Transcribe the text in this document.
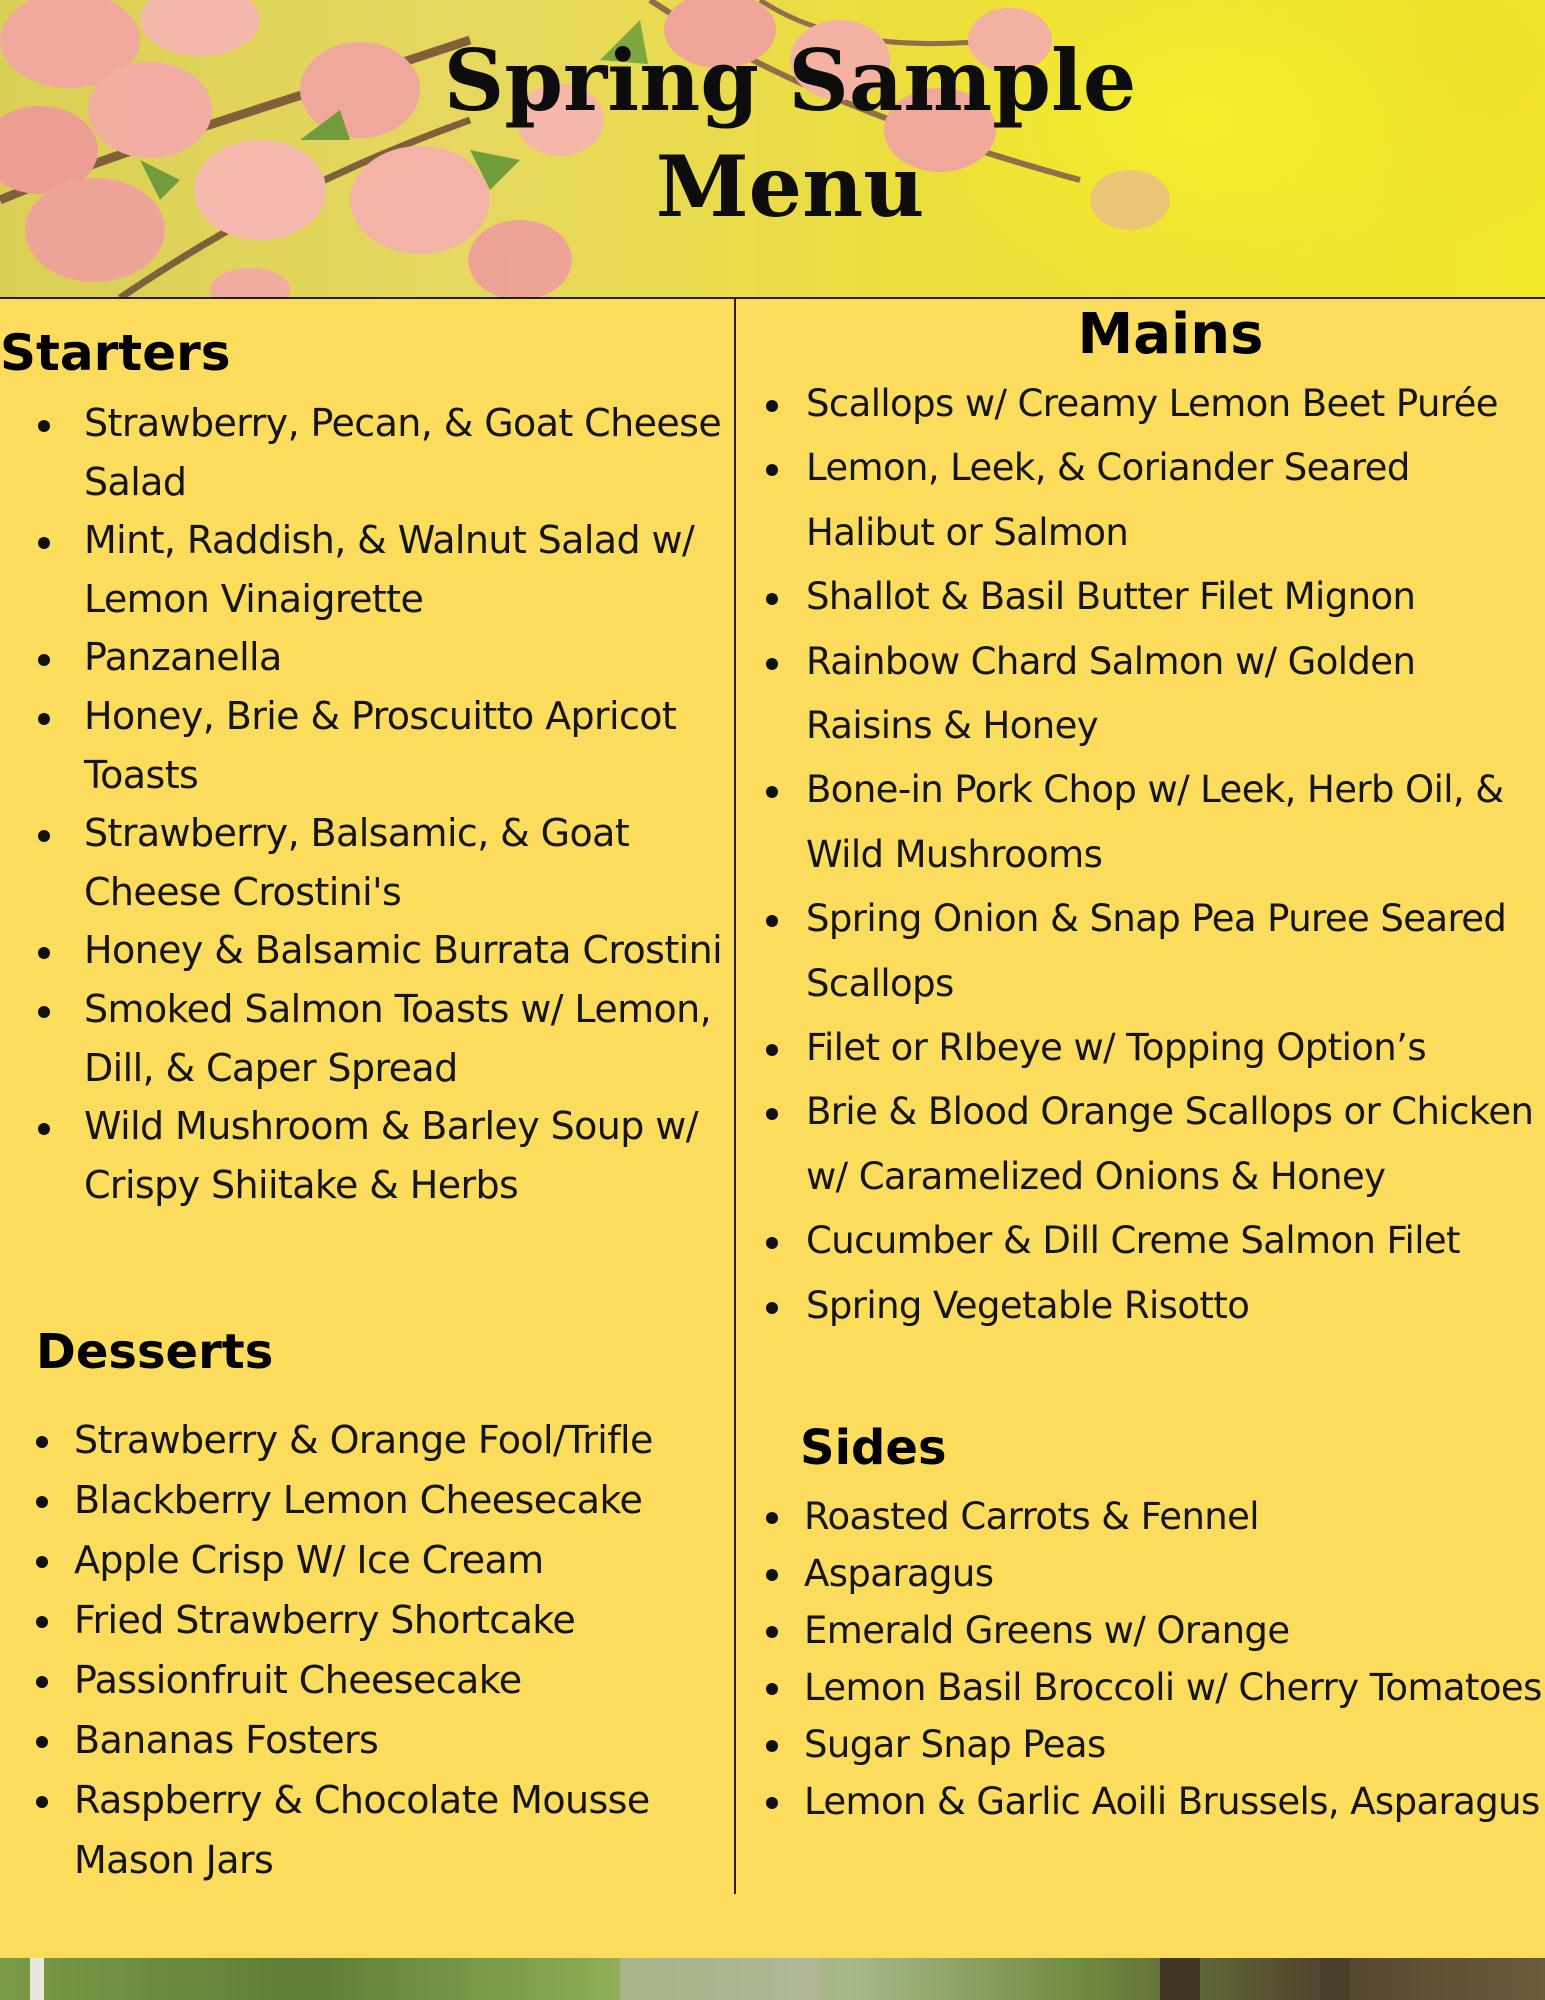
Spring Sample Menu
Starters
Strawberry, Pecan, & Goat Cheese Salad
Mint, Raddish, & Walnut Salad w/ Lemon Vinaigrette
Panzanella
Honey, Brie & Proscuitto Apricot Toasts
Strawberry, Balsamic, & Goat Cheese Crostini's
Honey & Balsamic Burrata Crostini
Smoked Salmon Toasts w/ Lemon, Dill, & Caper Spread
Wild Mushroom & Barley Soup w/ Crispy Shiitake & Herbs
Desserts
Strawberry & Orange Fool/Trifle
Blackberry Lemon Cheesecake
Apple Crisp W/ Ice Cream
Fried Strawberry Shortcake
Passionfruit Cheesecake
Bananas Fosters
Raspberry & Chocolate Mousse Mason Jars
Mains
Scallops w/ Creamy Lemon Beet Purée
Lemon, Leek, & Coriander Seared Halibut or Salmon
Shallot & Basil Butter Filet Mignon
Rainbow Chard Salmon w/ Golden Raisins & Honey
Bone-in Pork Chop w/ Leek, Herb Oil, & Wild Mushrooms
Spring Onion & Snap Pea Puree Seared Scallops
Filet or RIbeye w/ Topping Option’s
Brie & Blood Orange Scallops or Chicken w/ Caramelized Onions & Honey
Cucumber & Dill Creme Salmon Filet
Spring Vegetable Risotto
Sides
Roasted Carrots & Fennel
Asparagus
Emerald Greens w/ Orange
Lemon Basil Broccoli w/ Cherry Tomatoes
Sugar Snap Peas
Lemon & Garlic Aoili Brussels, Asparagus
